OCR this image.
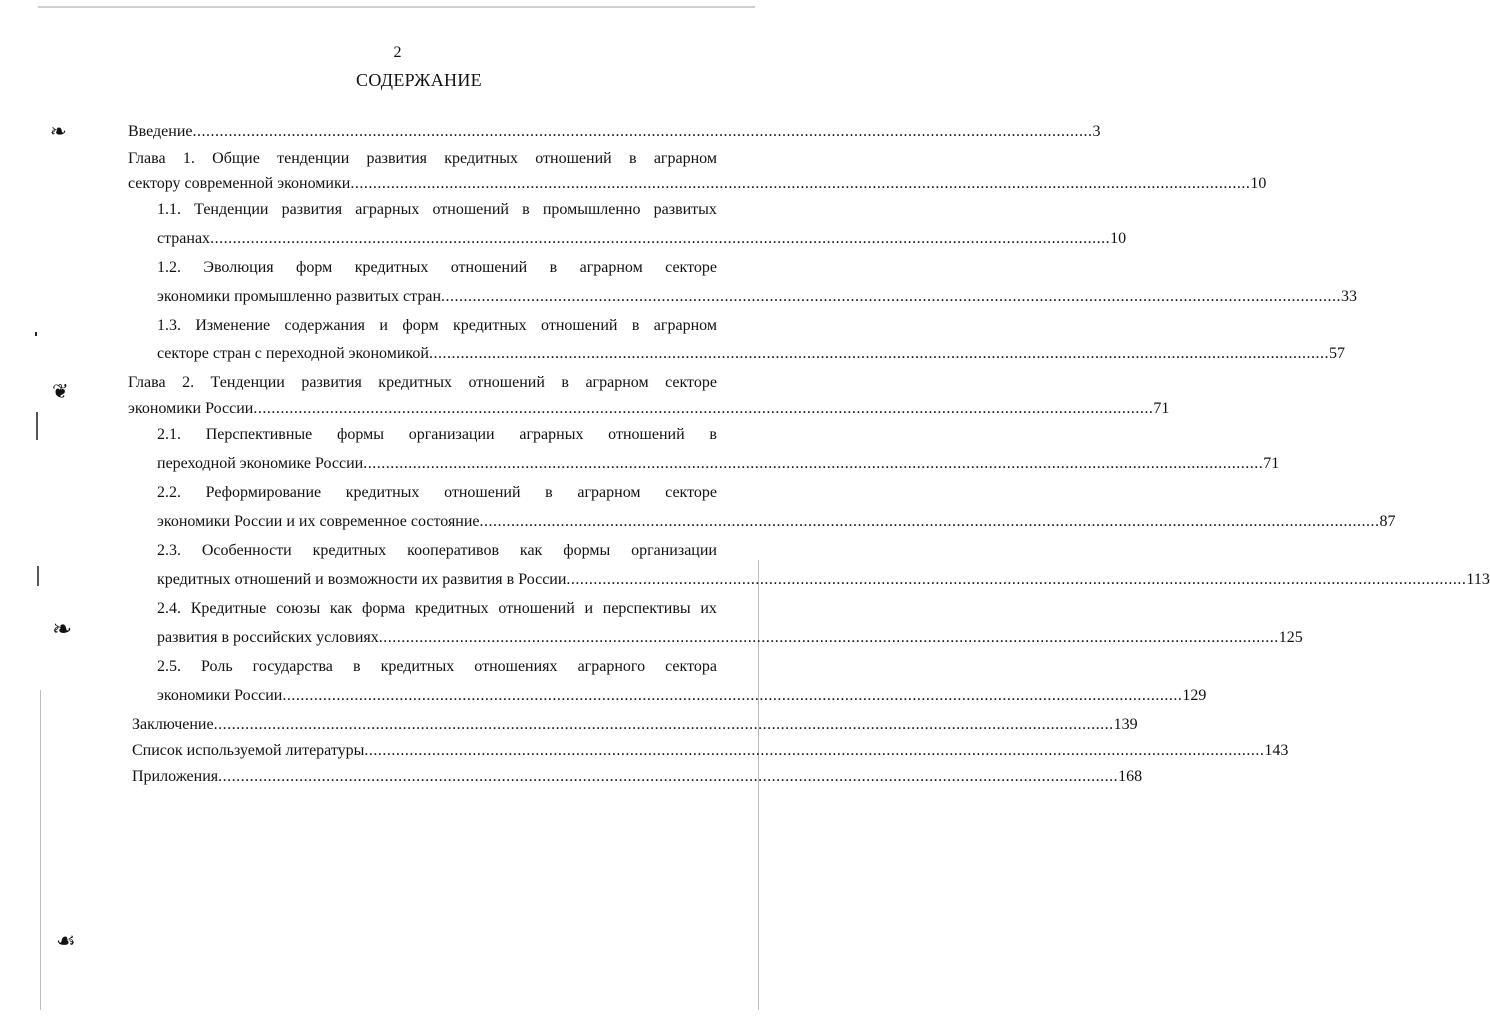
❧
❦
❧
☙
2
СОДЕРЖАНИЕ
Введение ........................................................................................................................................................................................................ 3
Глава 1. Общие тенденции развития кредитных отношений в аграрном
сектору современной экономики ........................................................................................................................................................................................................ 10
1.1. Тенденции развития аграрных отношений в промышленно развитых
странах ........................................................................................................................................................................................................ 10
1.2. Эволюция форм кредитных отношений в аграрном секторе
экономики промышленно развитых стран ........................................................................................................................................................................................................ 33
1.3. Изменение содержания и форм кредитных отношений в аграрном
секторе стран с переходной экономикой ........................................................................................................................................................................................................ 57
Глава 2. Тенденции развития кредитных отношений в аграрном секторе
экономики России ........................................................................................................................................................................................................ 71
2.1. Перспективные формы организации аграрных отношений в
переходной экономике России ........................................................................................................................................................................................................ 71
2.2. Реформирование кредитных отношений в аграрном секторе
экономики России и их современное состояние ........................................................................................................................................................................................................ 87
2.3. Особенности кредитных кооперативов как формы организации
кредитных отношений и возможности их развития в России ........................................................................................................................................................................................................ 113
2.4. Кредитные союзы как форма кредитных отношений и перспективы их
развития в российских условиях ........................................................................................................................................................................................................ 125
2.5. Роль государства в кредитных отношениях аграрного сектора
экономики России ........................................................................................................................................................................................................ 129
Заключение ........................................................................................................................................................................................................ 139
Список используемой литературы ........................................................................................................................................................................................................ 143
Приложения ........................................................................................................................................................................................................ 168
